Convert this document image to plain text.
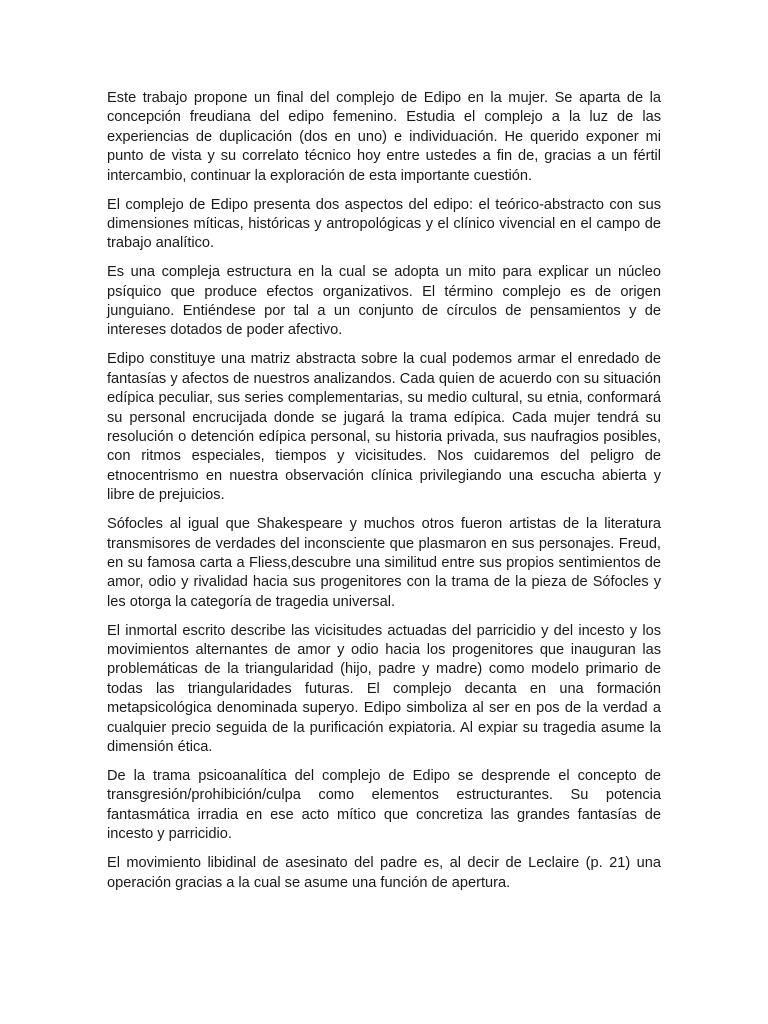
Este trabajo propone un final del complejo de Edipo en la mujer. Se aparta de la concepción freudiana del edipo femenino. Estudia el complejo a la luz de las experiencias de duplicación (dos en uno) e individuación. He querido exponer mi punto de vista y su correlato técnico hoy entre ustedes a fin de, gracias a un fértil intercambio, continuar la exploración de esta importante cuestión.

El complejo de Edipo presenta dos aspectos del edipo: el teórico-abstracto con sus dimensiones míticas, históricas y antropológicas y el clínico vivencial en el campo de trabajo analítico.

Es una compleja estructura en la cual se adopta un mito para explicar un núcleo psíquico que produce efectos organizativos. El término complejo es de origen junguiano. Entiéndese por tal a un conjunto de círculos de pensamientos y de intereses dotados de poder afectivo.

Edipo constituye una matriz abstracta sobre la cual podemos armar el enredado de fantasías y afectos de nuestros analizandos. Cada quien de acuerdo con su situación edípica peculiar, sus series complementarias, su medio cultural, su etnia, conformará su personal encrucijada donde se jugará la trama edípica. Cada mujer tendrá su resolución o detención edípica personal, su historia privada, sus naufragios posibles, con ritmos especiales, tiempos y vicisitudes. Nos cuidaremos del peligro de etnocentrismo en nuestra observación clínica privilegiando una escucha abierta y libre de prejuicios.

Sófocles al igual que Shakespeare y muchos otros fueron artistas de la literatura transmisores de verdades del inconsciente que plasmaron en sus personajes. Freud, en su famosa carta a Fliess,descubre una similitud entre sus propios sentimientos de amor, odio y rivalidad hacia sus progenitores con la trama de la pieza de Sófocles y les otorga la categoría de tragedia universal.

El inmortal escrito describe las vicisitudes actuadas del parricidio y del incesto y los movimientos alternantes de amor y odio hacia los progenitores que inauguran las problemáticas de la triangularidad (hijo, padre y madre) como modelo primario de todas las triangularidades futuras. El complejo decanta en una formación metapsicológica denominada superyo. Edipo simboliza al ser en pos de la verdad a cualquier precio seguida de la purificación expiatoria. Al expiar su tragedia asume la dimensión ética.

De la trama psicoanalítica del complejo de Edipo se desprende el concepto de transgresión/prohibición/culpa como elementos estructurantes. Su potencia fantasmática irradia en ese acto mítico que concretiza las grandes fantasías de incesto y parricidio.

El movimiento libidinal de asesinato del padre es, al decir de Leclaire (p. 21) una operación gracias a la cual se asume una función de apertura.
